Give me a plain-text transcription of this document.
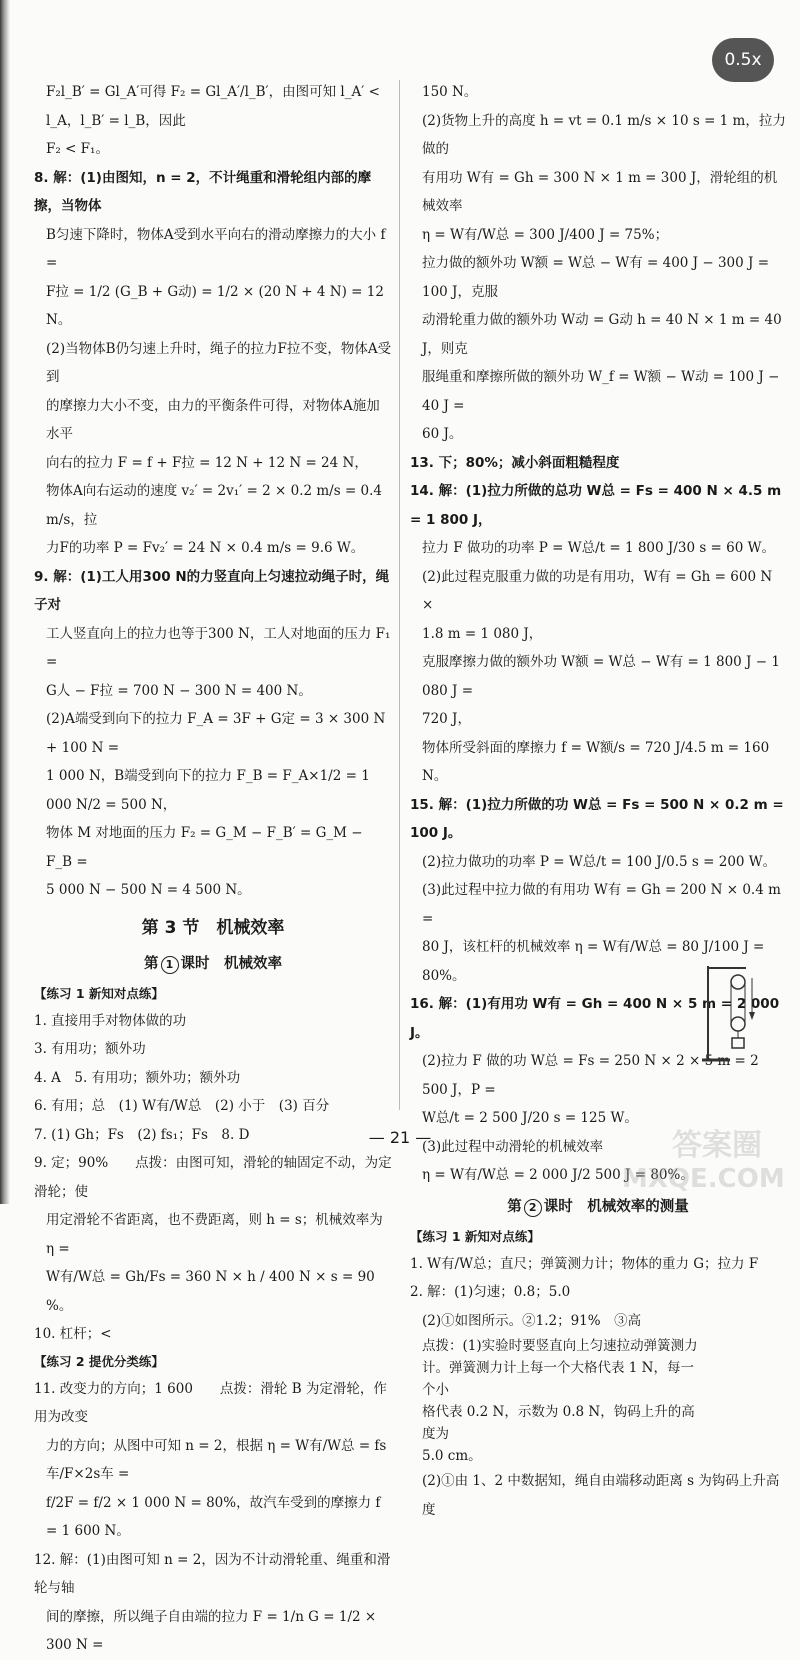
0.5x

F₂l_B′ = Gl_A′可得 F₂ = Gl_A′/l_B′，由图可知 l_A′ < l_A，l_B′ = l_B，因此

F₂ < F₁。

8. 解：(1)由图知，n = 2，不计绳重和滑轮组内部的摩擦，当物体

B匀速下降时，物体A受到水平向右的滑动摩擦力的大小 f =

F拉 = 1/2 (G_B + G动) = 1/2 × (20 N + 4 N) = 12 N。

(2)当物体B仍匀速上升时，绳子的拉力F拉不变，物体A受到

的摩擦力大小不变，由力的平衡条件可得，对物体A施加水平

向右的拉力 F = f + F拉 = 12 N + 12 N = 24 N，

物体A向右运动的速度 v₂′ = 2v₁′ = 2 × 0.2 m/s = 0.4 m/s，拉

力F的功率 P = Fv₂′ = 24 N × 0.4 m/s = 9.6 W。

9. 解：(1)工人用300 N的力竖直向上匀速拉动绳子时，绳子对

工人竖直向上的拉力也等于300 N，工人对地面的压力 F₁ =

G人 − F拉 = 700 N − 300 N = 400 N。

(2)A端受到向下的拉力 F_A = 3F + G定 = 3 × 300 N + 100 N =

1 000 N，B端受到向下的拉力 F_B = F_A×1/2 = 1 000 N/2 = 500 N，

物体 M 对地面的压力 F₂ = G_M − F_B′ = G_M − F_B =

5 000 N − 500 N = 4 500 N。

第 3 节　机械效率
第 1 课时　机械效率
【练习 1 新知对点练】

1. 直接用手对物体做的功

3. 有用功；额外功

4. A　5. 有用功；额外功；额外功

6. 有用；总　(1) W有/W总　(2) 小于　(3) 百分

7. (1) Gh；Fs　(2) fs₁；Fs　8. D

9. 定；90%　　点拨：由图可知，滑轮的轴固定不动，为定滑轮；使

用定滑轮不省距离，也不费距离，则 h = s；机械效率为 η =

W有/W总 = Gh/Fs = 360 N × h / 400 N × s = 90 %。

10. 杠杆；<

【练习 2 提优分类练】

11. 改变力的方向；1 600　　点拨：滑轮 B 为定滑轮，作用为改变

力的方向；从图中可知 n = 2，根据 η = W有/W总 = fs车/F×2s车 =

f/2F = f/2 × 1 000 N = 80%，故汽车受到的摩擦力 f = 1 600 N。

12. 解：(1)由图可知 n = 2，因为不计动滑轮重、绳重和滑轮与轴

间的摩擦，所以绳子自由端的拉力 F = 1/n G = 1/2 × 300 N =

150 N。

(2)货物上升的高度 h = vt = 0.1 m/s × 10 s = 1 m，拉力做的

有用功 W有 = Gh = 300 N × 1 m = 300 J，滑轮组的机械效率

η = W有/W总 = 300 J/400 J = 75%；

拉力做的额外功 W额 = W总 − W有 = 400 J − 300 J = 100 J，克服

动滑轮重力做的额外功 W动 = G动 h = 40 N × 1 m = 40 J，则克

服绳重和摩擦所做的额外功 W_f = W额 − W动 = 100 J − 40 J =

60 J。

13. 下；80%；减小斜面粗糙程度

14. 解：(1)拉力所做的总功 W总 = Fs = 400 N × 4.5 m = 1 800 J，

拉力 F 做功的功率 P = W总/t = 1 800 J/30 s = 60 W。

(2)此过程克服重力做的功是有用功，W有 = Gh = 600 N ×

1.8 m = 1 080 J，

克服摩擦力做的额外功 W额 = W总 − W有 = 1 800 J − 1 080 J =

720 J，

物体所受斜面的摩擦力 f = W额/s = 720 J/4.5 m = 160 N。

15. 解：(1)拉力所做的功 W总 = Fs = 500 N × 0.2 m = 100 J。

(2)拉力做功的功率 P = W总/t = 100 J/0.5 s = 200 W。

(3)此过程中拉力做的有用功 W有 = Gh = 200 N × 0.4 m =

80 J，该杠杆的机械效率 η = W有/W总 = 80 J/100 J = 80%。

16. 解：(1)有用功 W有 = Gh = 400 N × 5 m = 2 000 J。

(2)拉力 F 做的功 W总 = Fs = 250 N × 2 × 5 m = 2 500 J，P =

W总/t = 2 500 J/20 s = 125 W。

(3)此过程中动滑轮的机械效率

η = W有/W总 = 2 000 J/2 500 J = 80%。

第 2 课时　机械效率的测量
【练习 1 新知对点练】

1. W有/W总；直尺；弹簧测力计；物体的重力 G；拉力 F

2. 解：(1)匀速；0.8；5.0

(2)①如图所示。②1.2；91%　③高

点拨：(1)实验时要竖直向上匀速拉动弹簧测力

计。弹簧测力计上每一个大格代表 1 N，每一个小

格代表 0.2 N，示数为 0.8 N，钩码上升的高度为

5.0 cm。

(2)①由 1、2 中数据知，绳自由端移动距离 s 为钩码上升高度

— 21 —	答案圈
MXQE.COM
